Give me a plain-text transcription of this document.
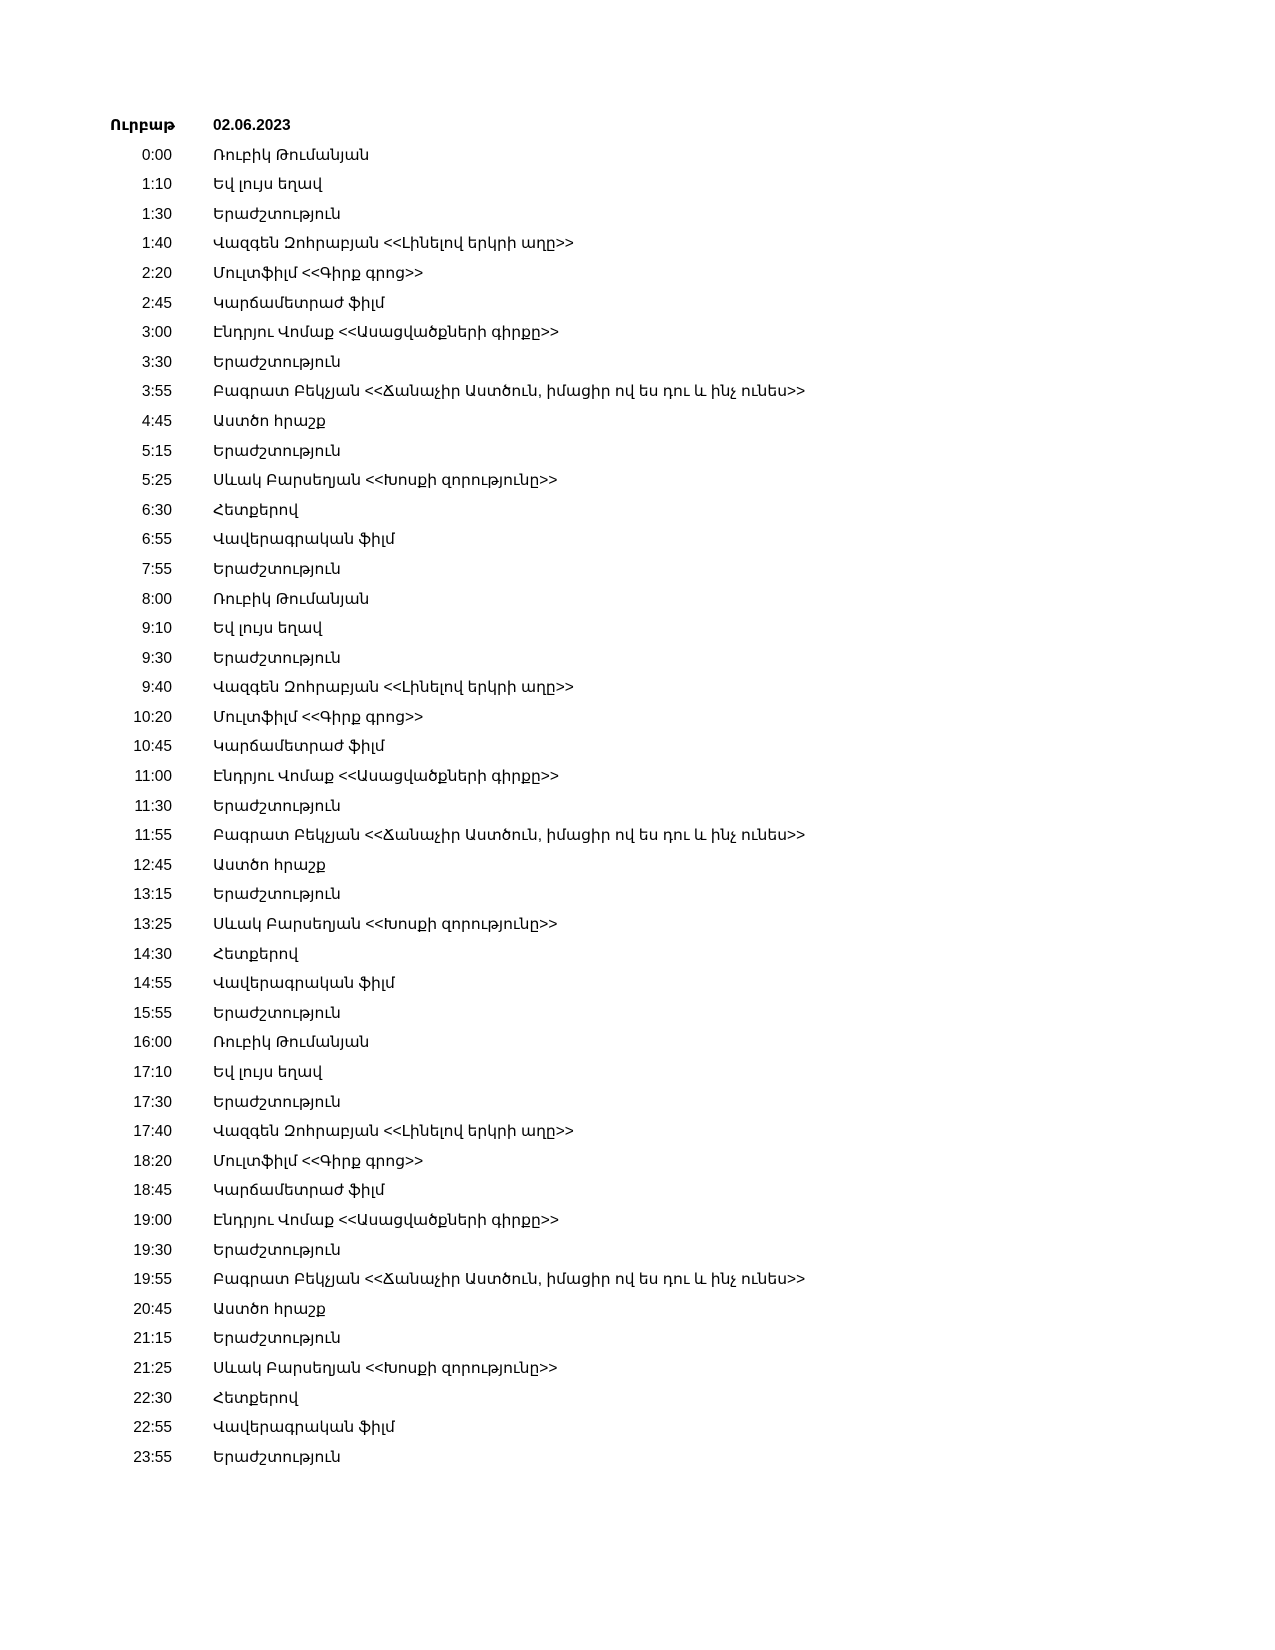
Ուրբաթ 02.06.2023
0:00	Ռուբիկ Թումանյան
1:10	Եվ լույս եղավ
1:30	Երաժշտություն
1:40	Վազգեն Զոհրաբյան <<Լինելով երկրի աղը>>
2:20	Մուլտֆիլմ <<Գիրք գրոց>>
2:45	Կարճամետրաժ ֆիլմ
3:00	Էնդրյու Վոմաք <<Ասացվածքների գիրքը>>
3:30	Երաժշտություն
3:55	Բագրատ Բեկչյան <<Ճանաչիր Աստծուն, իմացիր ով ես դու և ինչ ունես>>
4:45	Աստծո հրաշք
5:15	Երաժշտություն
5:25	Սևակ Բարսեղյան <<Խոսքի զորությունը>>
6:30	Հետքերով
6:55	Վավերագրական ֆիլմ
7:55	Երաժշտություն
8:00	Ռուբիկ Թումանյան
9:10	Եվ լույս եղավ
9:30	Երաժշտություն
9:40	Վազգեն Զոհրաբյան <<Լինելով երկրի աղը>>
10:20	Մուլտֆիլմ <<Գիրք գրոց>>
10:45	Կարճամետրաժ ֆիլմ
11:00	Էնդրյու Վոմաք <<Ասացվածքների գիրքը>>
11:30	Երաժշտություն
11:55	Բագրատ Բեկչյան <<Ճանաչիր Աստծուն, իմացիր ով ես դու և ինչ ունես>>
12:45	Աստծո հրաշք
13:15	Երաժշտություն
13:25	Սևակ Բարսեղյան <<Խոսքի զորությունը>>
14:30	Հետքերով
14:55	Վավերագրական ֆիլմ
15:55	Երաժշտություն
16:00	Ռուբիկ Թումանյան
17:10	Եվ լույս եղավ
17:30	Երաժշտություն
17:40	Վազգեն Զոհրաբյան <<Լինելով երկրի աղը>>
18:20	Մուլտֆիլմ <<Գիրք գրոց>>
18:45	Կարճամետրաժ ֆիլմ
19:00	Էնդրյու Վոմաք <<Ասացվածքների գիրքը>>
19:30	Երաժշտություն
19:55	Բագրատ Բեկչյան <<Ճանաչիր Աստծուն, իմացիր ով ես դու և ինչ ունես>>
20:45	Աստծո հրաշք
21:15	Երաժշտություն
21:25	Սևակ Բարսեղյան <<Խոսքի զորությունը>>
22:30	Հետքերով
22:55	Վավերագրական ֆիլմ
23:55	Երաժշտություն
